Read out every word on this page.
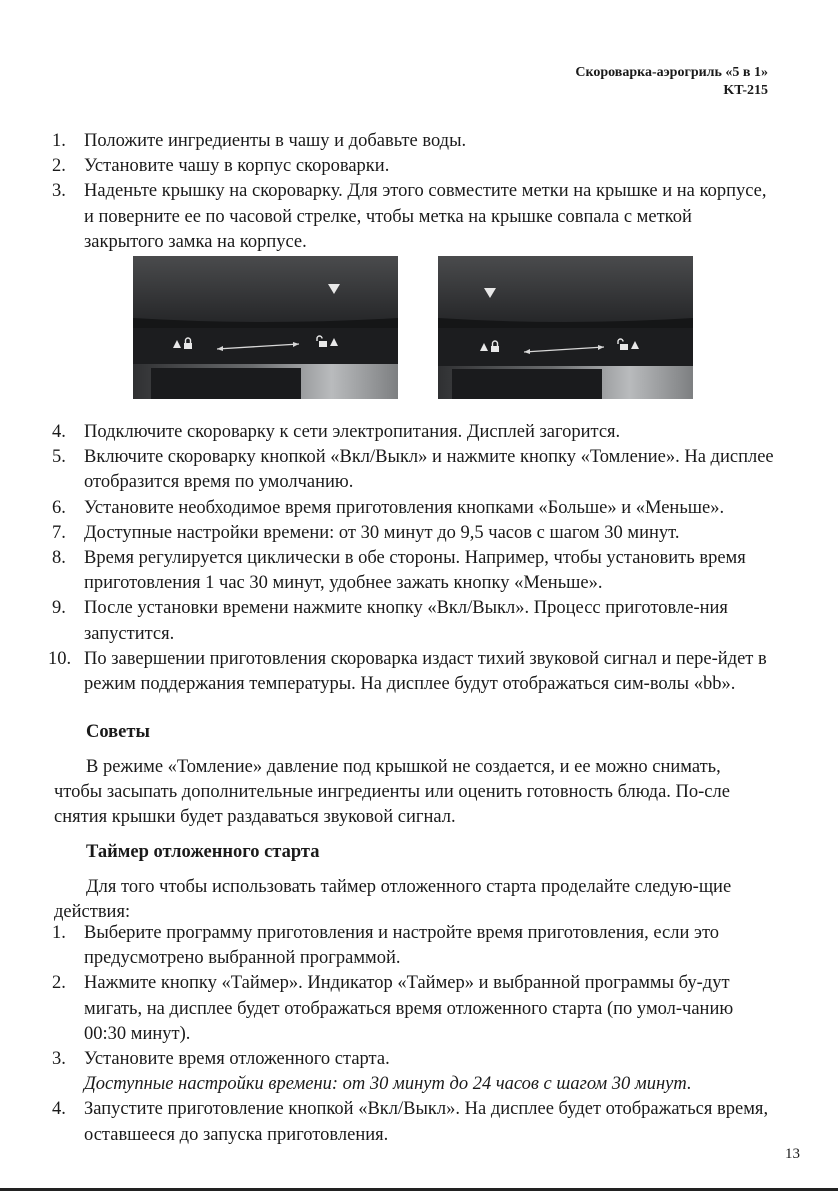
Скороварка-аэрогриль «5 в 1»
KT-215
1. Положите ингредиенты в чашу и добавьте воды.
2. Установите чашу в корпус скороварки.
3. Наденьте крышку на скороварку. Для этого совместите метки на крышке и на корпусе, и поверните ее по часовой стрелке, чтобы метка на крышке совпала с меткой закрытого замка на корпусе.
4. Подключите скороварку к сети электропитания. Дисплей загорится.
5. Включите скороварку кнопкой «Вкл/Выкл» и нажмите кнопку «Томление». На дисплее отобразится время по умолчанию.
6. Установите необходимое время приготовления кнопками «Больше» и «Меньше».
7. Доступные настройки времени: от 30 минут до 9,5 часов с шагом 30 минут.
8. Время регулируется циклически в обе стороны. Например, чтобы установить время приготовления 1 час 30 минут, удобнее зажать кнопку «Меньше».
9. После установки времени нажмите кнопку «Вкл/Выкл». Процесс приготовле-ния запустится.
10. По завершении приготовления скороварка издаст тихий звуковой сигнал и пере-йдет в режим поддержания температуры. На дисплее будут отображаться сим-волы «bb».
Советы
В режиме «Томление» давление под крышкой не создается, и ее можно снимать, чтобы засыпать дополнительные ингредиенты или оценить готовность блюда. По-сле снятия крышки будет раздаваться звуковой сигнал.
Таймер отложенного старта
Для того чтобы использовать таймер отложенного старта проделайте следую-щие действия:
1. Выберите программу приготовления и настройте время приготовления, если это предусмотрено выбранной программой.
2. Нажмите кнопку «Таймер». Индикатор «Таймер» и выбранной программы бу-дут мигать, на дисплее будет отображаться время отложенного старта (по умол-чанию 00:30 минут).
3. Установите время отложенного старта.
Доступные настройки времени: от 30 минут до 24 часов с шагом 30 минут.
4. Запустите приготовление кнопкой «Вкл/Выкл». На дисплее будет отображаться время, оставшееся до запуска приготовления.
13
